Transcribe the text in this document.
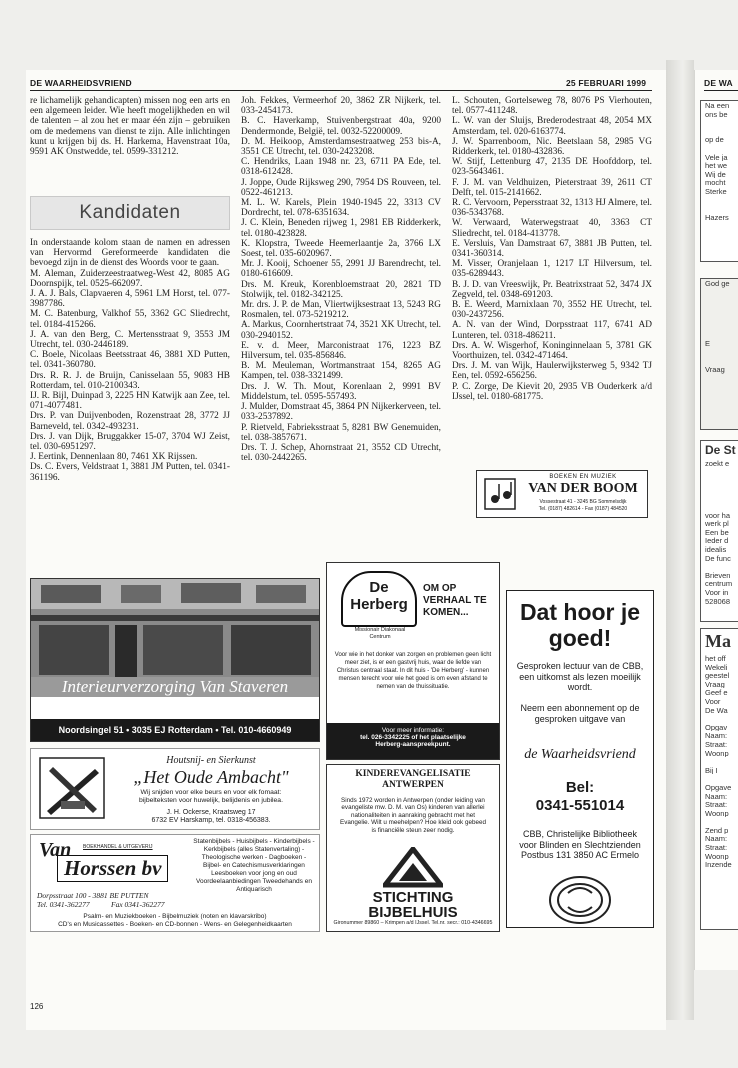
DE WAARHEIDSVRIEND	25 FEBRUARI 1999	DE WA
re lichamelijk gehandicapten) missen nog een arts en een algemeen leider. Wie heeft mogelijkheden en wil de talenten – al zou het er maar één zijn – gebruiken om de medemens van dienst te zijn. Alle inlichtingen kunt u krijgen bij ds. H. Harkema, Havenstraat 10a, 9591 AK Onstwedde, tel. 0599-331212.
Kandidaten

In onderstaande kolom staan de namen en adressen van Hervormd Gereformeerde kandidaten die bevoegd zijn in de dienst des Woords voor te gaan.

M. Aleman, Zuiderzeestraatweg-West 42, 8085 AG Doornspijk, tel. 0525-662097.

J. A. J. Bals, Clapvaeren 4, 5961 LM Horst, tel. 077-3987786.

M. C. Batenburg, Valkhof 55, 3362 GC Sliedrecht, tel. 0184-415266.

J. A. van den Berg, C. Mertensstraat 9, 3553 JM Utrecht, tel. 030-2446189.

C. Boele, Nicolaas Beetsstraat 46, 3881 XD Putten, tel. 0341-360780.

Drs. R. R. J. de Bruijn, Canisselaan 55, 9083 HB Rotterdam, tel. 010-2100343.

IJ. R. Bijl, Duinpad 3, 2225 HN Katwijk aan Zee, tel. 071-4077481.

Drs. P. van Duijvenboden, Rozenstraat 28, 3772 JJ Barneveld, tel. 0342-493231.

Drs. J. van Dijk, Bruggakker 15-07, 3704 WJ Zeist, tel. 030-6951297.

J. Eertink, Dennenlaan 80, 7461 XK Rijssen.

Ds. C. Evers, Veldstraat 1, 3881 JM Putten, tel. 0341-361196.

Joh. Fekkes, Vermeerhof 20, 3862 ZR Nijkerk, tel. 033-2454173.

B. C. Haverkamp, Stuivenbergstraat 40a, 9200 Dendermonde, België, tel. 0032-52200009.

D. M. Heikoop, Amsterdamsestraatweg 253 bis-A, 3551 CE Utrecht, tel. 030-2423208.

C. Hendriks, Laan 1948 nr. 23, 6711 PA Ede, tel. 0318-612428.

J. Joppe, Oude Rijksweg 290, 7954 DS Rouveen, tel. 0522-461213.

M. L. W. Karels, Plein 1940-1945 22, 3313 CV Dordrecht, tel. 078-6351634.

J. C. Klein, Beneden rijweg 1, 2981 EB Ridderkerk, tel. 0180-423828.

K. Klopstra, Tweede Heemerlaantje 2a, 3766 LX Soest, tel. 035-6020967.

Mr. J. Kooij, Schoener 55, 2991 JJ Barendrecht, tel. 0180-616609.

Drs. M. Kreuk, Korenbloemstraat 20, 2821 TD Stolwijk, tel. 0182-342125.

Mr. drs. J. P. de Man, Vliertwijksestraat 13, 5243 RG Rosmalen, tel. 073-5219212.

A. Markus, Coornhertstraat 74, 3521 XK Utrecht, tel. 030-2940152.

E. v. d. Meer, Marconistraat 176, 1223 BZ Hilversum, tel. 035-856846.

B. M. Meuleman, Wortmanstraat 154, 8265 AG Kampen, tel. 038-3321499.

Drs. J. W. Th. Mout, Korenlaan 2, 9991 BV Middelstum, tel. 0595-557493.

J. Mulder, Domstraat 45, 3864 PN Nijkerkerveen, tel. 033-2537892.

P. Rietveld, Fabrieksstraat 5, 8281 BW Genemuiden, tel. 038-3857671.

Drs. T. J. Schep, Ahornstraat 21, 3552 CD Utrecht, tel. 030-2442265.

L. Schouten, Gortelseweg 78, 8076 PS Vierhouten, tel. 0577-411248.

L. W. van der Sluijs, Brederodestraat 48, 2054 MX Amsterdam, tel. 020-6163774.

J. W. Sparrenboom, Nic. Beetslaan 58, 2985 VG Ridderkerk, tel. 0180-432836.

W. Stijf, Lettenburg 47, 2135 DE Hoofddorp, tel. 023-5643461.

F. J. M. van Veldhuizen, Pieterstraat 39, 2611 CT Delft, tel. 015-2141662.

R. C. Vervoorn, Pepersstraat 32, 1313 HJ Almere, tel. 036-5343768.

W. Verwaard, Waterwegstraat 40, 3363 CT Sliedrecht, tel. 0184-413778.

E. Versluis, Van Damstraat 67, 3881 JB Putten, tel. 0341-360314.

M. Visser, Oranjelaan 1, 1217 LT Hilversum, tel. 035-6289443.

B. J. D. van Vreeswijk, Pr. Beatrixstraat 52, 3474 JX Zegveld, tel. 0348-691203.

B. E. Weerd, Marnixlaan 70, 3552 HE Utrecht, tel. 030-2437256.

A. N. van der Wind, Dorpsstraat 117, 6741 AD Lunteren, tel. 0318-486211.

Drs. A. W. Wisgerhof, Koninginnelaan 5, 3781 GK Voorthuizen, tel. 0342-471464.

Drs. J. M. van Wijk, Haulerwijksterweg 5, 9342 TJ Een, tel. 0592-656256.

P. C. Zorge, De Kievit 20, 2935 VB Ouderkerk a/d IJssel, tel. 0180-681775.

BOEKEN EN MUZIEK
VAN DER BOOM
Vossestraat 41 - 3245 BG Sommelsdijk
Tel. (0187) 482614 - Fax (0187) 484520
Interieurverzorging Van Staveren
Noordsingel 51 • 3035 EJ Rotterdam • Tel. 010-4660949
Houtsnij- en Sierkunst
„Het Oude Ambacht"
Wij snijden voor elke beurs en voor elk fomaat:
bijbelteksten voor huwelijk, belijdenis en jubilea.
J. H. Ockerse, Kraatsweg 17
6732 EV Harskamp, tel. 0318-456383.
Van BOEKHANDEL & UITGEVERIJ
Horssen bv
Dorpsstraat 100 - 3881 BE PUTTEN
Tel. 0341-362277	Fax 0341-362277
Statenbijbels - Huisbijbels - Kinderbijbels - Kerkbijbels (alles Statenvertaling) - Theologische werken - Dagboeken - Bijbel- en Catechismusverklaringen Leesboeken voor jong en oud Voordeelaanbiedingen Tweedehands en Antiquarisch
Psalm- en Muziekboeken - Bijbelmuziek (noten en klavarskribo)
CD's en Musicassettes - Boeken- en CD-bonnen - Wens- en Gelegenheidkaarten
De Herberg
Missionair Diakonaal Centrum
OM OP VERHAAL TE KOMEN...
Voor wie in het donker van zorgen en problemen geen licht meer ziet, is er een gastvrij huis, waar de liefde van Christus centraal staat. In dit huis - 'De Herberg' - kunnen mensen terecht voor wie het goed is om even afstand te nemen van de thuissituatie.
Voor meer informatie:
tel. 026-3342225 of het plaatselijke
Herberg-aanspreekpunt.
KINDEREVANGELISATIE
ANTWERPEN
Sinds 1972 worden in Antwerpen (onder leiding van evangeliste mw. D. M. van Os) kinderen van allerlei nationaliteiten in aanraking gebracht met het Evangelie. Wilt u meehelpen? Hoe kleid ook gebeed is financiële steun zeer nodig.
STICHTING
BIJBELHUIS
Gironummer 89860 – Krimpen a/d IJssel. Tel.nr. secr.: 010-4346695
Dat hoor je goed!
Gesproken lectuur van de CBB, een uitkomst als lezen moeilijk wordt.
Neem een abonnement op de gesproken uitgave van
de Waarheidsvriend
Bel:
0341-551014
CBB, Christelijke Bibliotheek voor Blinden en Slechtzienden Postbus 131 3850 AC Ermelo
126
Na een
ons be
op de
Vele ja
het we
Wij de
mocht
Sterke
Hazers
God ge
E
Vraag
De St
zoekt e
voor ha
werk pl
Een be
Ieder d
idealis
De func
Brieven
centrum
Voor in
528068
Ma
het off
Wekeli
geestel
Vraag
Geef e
Voor
De Wa
Opgav
Naam:
Straat:
Woonp
Bij I
Opgave
Naam:
Straat:
Woonp
Zend p
Naam:
Straat:
Woonp
Inzende
